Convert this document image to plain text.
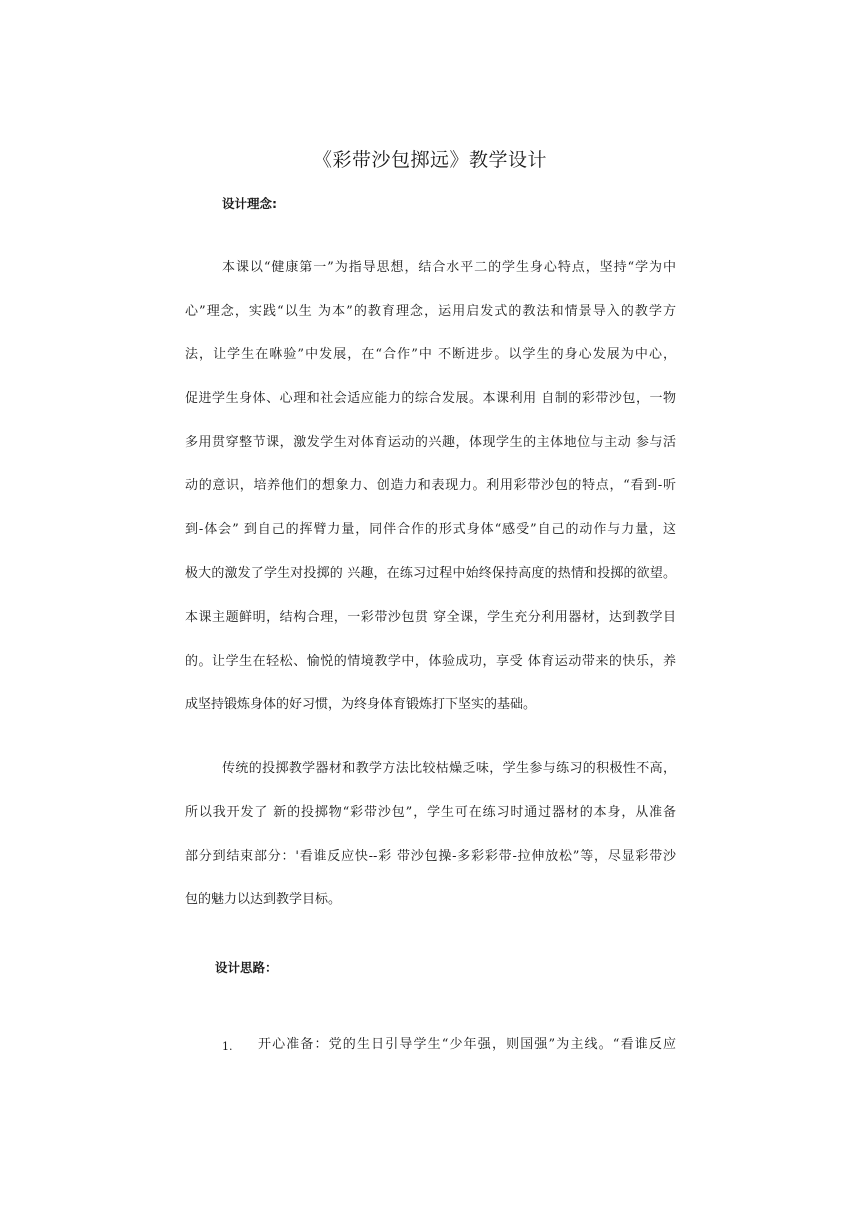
《彩带沙包掷远》教学设计
设计理念:
本课以“健康第一”为指导思想，结合水平二的学生身心特点，坚持“学为中
心”理念，实践“以生 为本”的教育理念，运用启发式的教法和情景导入的教学方
法，让学生在咻验”中发展，在“合作”中 不断进步。以学生的身心发展为中心，
促进学生身体、心理和社会适应能力的综合发展。本课利用 自制的彩带沙包，一物
多用贯穿整节课，激发学生对体育运动的兴趣，体现学生的主体地位与主动 参与活
动的意识，培养他们的想象力、创造力和表现力。利用彩带沙包的特点，“看到-听
到-体会” 到自己的挥臂力量，同伴合作的形式身体“感受”自己的动作与力量，这
极大的激发了学生对投掷的 兴趣，在练习过程中始终保持高度的热情和投掷的欲望。
本课主题鲜明，结构合理，一彩带沙包贯 穿全课，学生充分利用器材，达到教学目
的。让学生在轻松、愉悦的情境教学中，体验成功，享受 体育运动带来的快乐，养
成坚持锻炼身体的好习惯，为终身体育锻炼打下坚实的基础。
传统的投掷教学器材和教学方法比较枯燥乏味，学生参与练习的积极性不高，
所以我开发了 新的投掷物“彩带沙包”，学生可在练习时通过器材的本身，从准备
部分到结束部分：'看谁反应快--彩 带沙包操-多彩彩带-拉伸放松”等，尽显彩带沙
包的魅力以达到教学目标。
设计思路：
1. 开心准备：党的生日引导学生“少年强，则国强”为主线。“看谁反应
